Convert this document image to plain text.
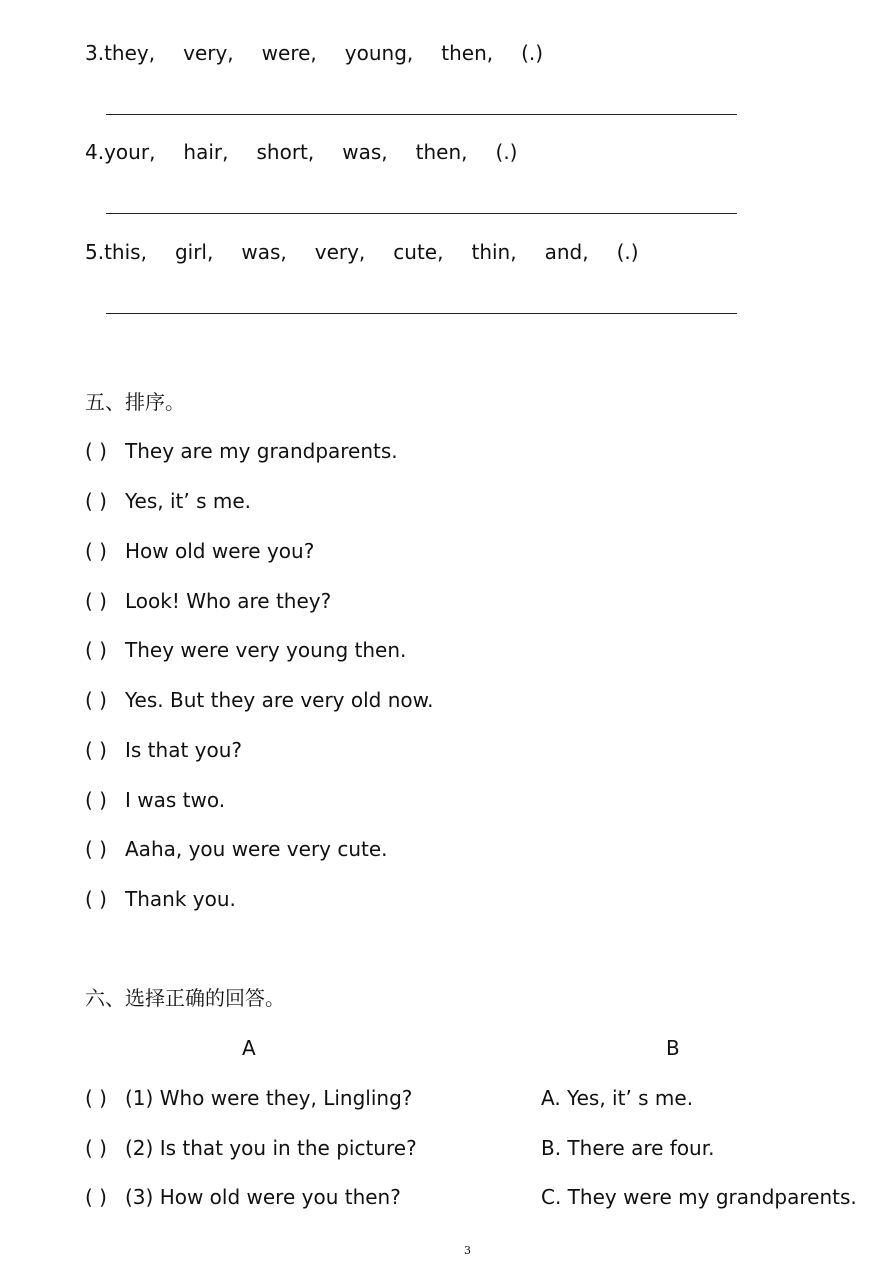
3.they, very, were, young, then, (.)
4.your, hair, short, was, then, (.)
5.this, girl, was, very, cute, thin, and, (.)
五、排序。
( ) They are my grandparents.
( ) Yes, it’ s me.
( ) How old were you?
( ) Look! Who are they?
( ) They were very young then.
( ) Yes. But they are very old now.
( ) Is that you?
( ) I was two.
( ) Aaha, you were very cute.
( ) Thank you.
六、选择正确的回答。
A	B
( ) (1) Who were they, Lingling?	A. Yes, it’ s me.
( ) (2) Is that you in the picture?	B. There are four.
( ) (3) How old were you then?	C. They were my grandparents.
3
